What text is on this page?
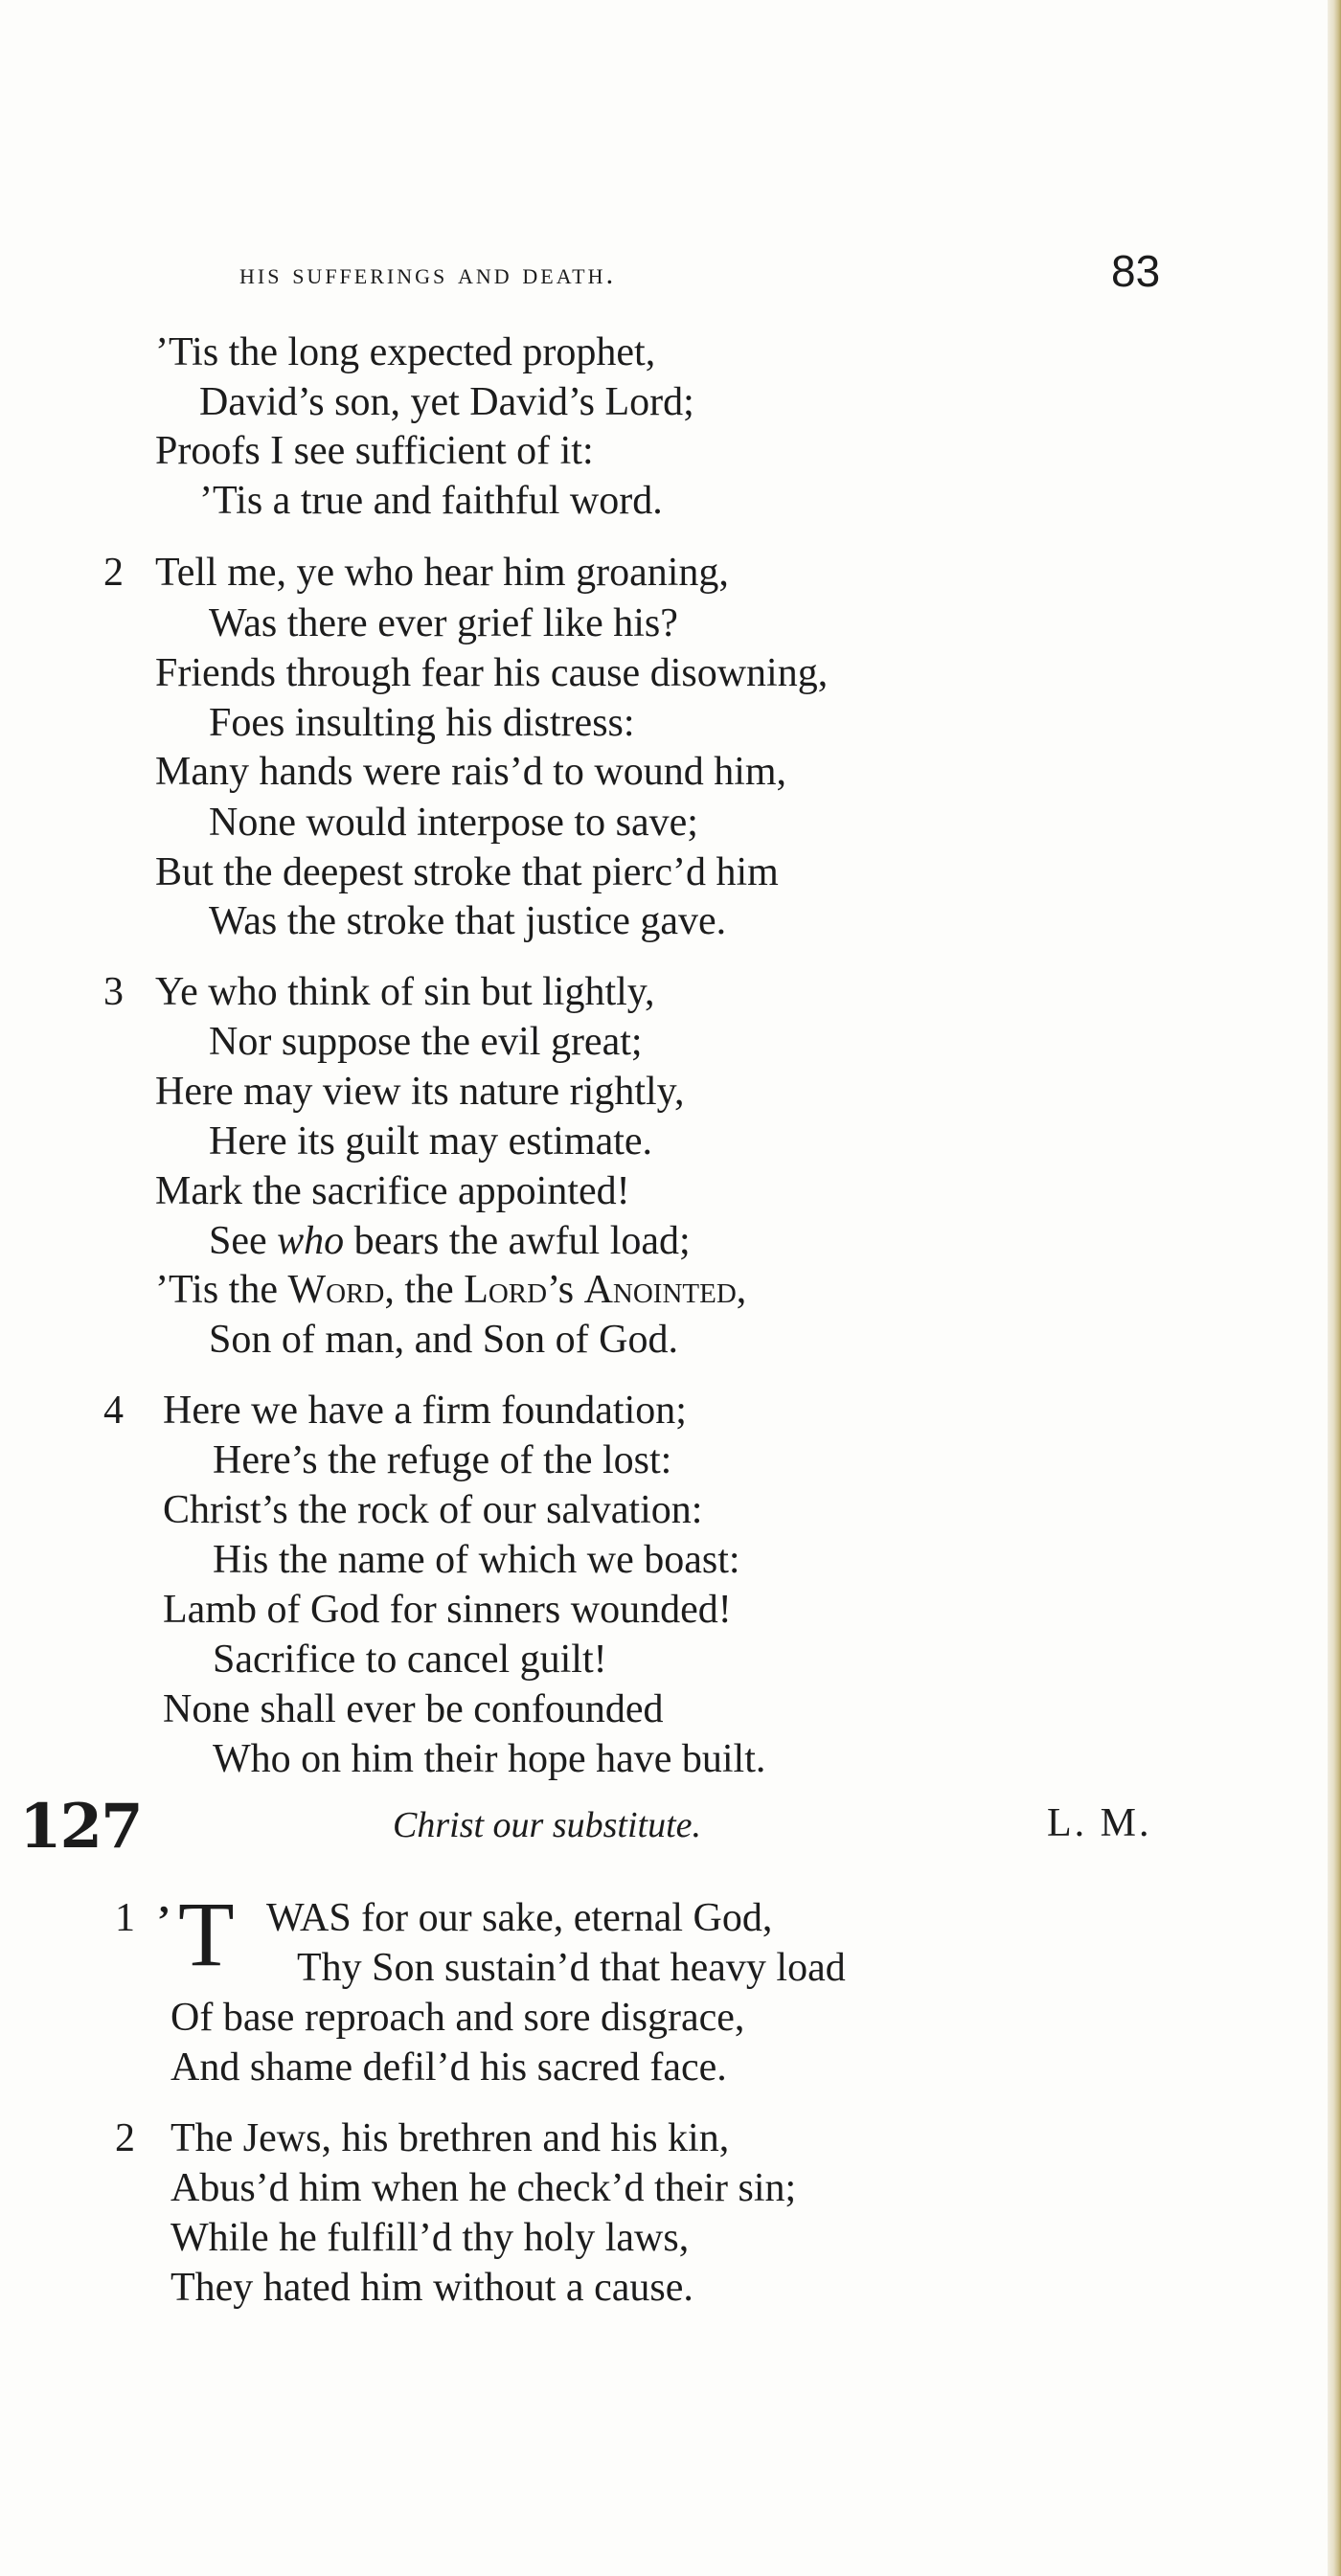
his sufferings and death.	83
’Tis the long expected prophet,
David’s son, yet David’s Lord;
Proofs I see sufficient of it:
’Tis a true and faithful word.
2 Tell me, ye who hear him groaning,
Was there ever grief like his?
Friends through fear his cause disowning,
Foes insulting his distress:
Many hands were rais’d to wound him,
None would interpose to save;
But the deepest stroke that pierc’d him
Was the stroke that justice gave.
3 Ye who think of sin but lightly,
Nor suppose the evil great;
Here may view its nature rightly,
Here its guilt may estimate.
Mark the sacrifice appointed!
See who bears the awful load;
’Tis the Word, the Lord’s Anointed,
Son of man, and Son of God.
4 Here we have a firm foundation;
Here’s the refuge of the lost:
Christ’s the rock of our salvation:
His the name of which we boast:
Lamb of God for sinners wounded!
Sacrifice to cancel guilt!
None shall ever be confounded
Who on him their hope have built.
127	Christ our substitute.	L. M.
1 ’ T WAS for our sake, eternal God,
Thy Son sustain’d that heavy load
Of base reproach and sore disgrace,
And shame defil’d his sacred face.
2 The Jews, his brethren and his kin,
Abus’d him when he check’d their sin;
While he fulfill’d thy holy laws,
They hated him without a cause.
